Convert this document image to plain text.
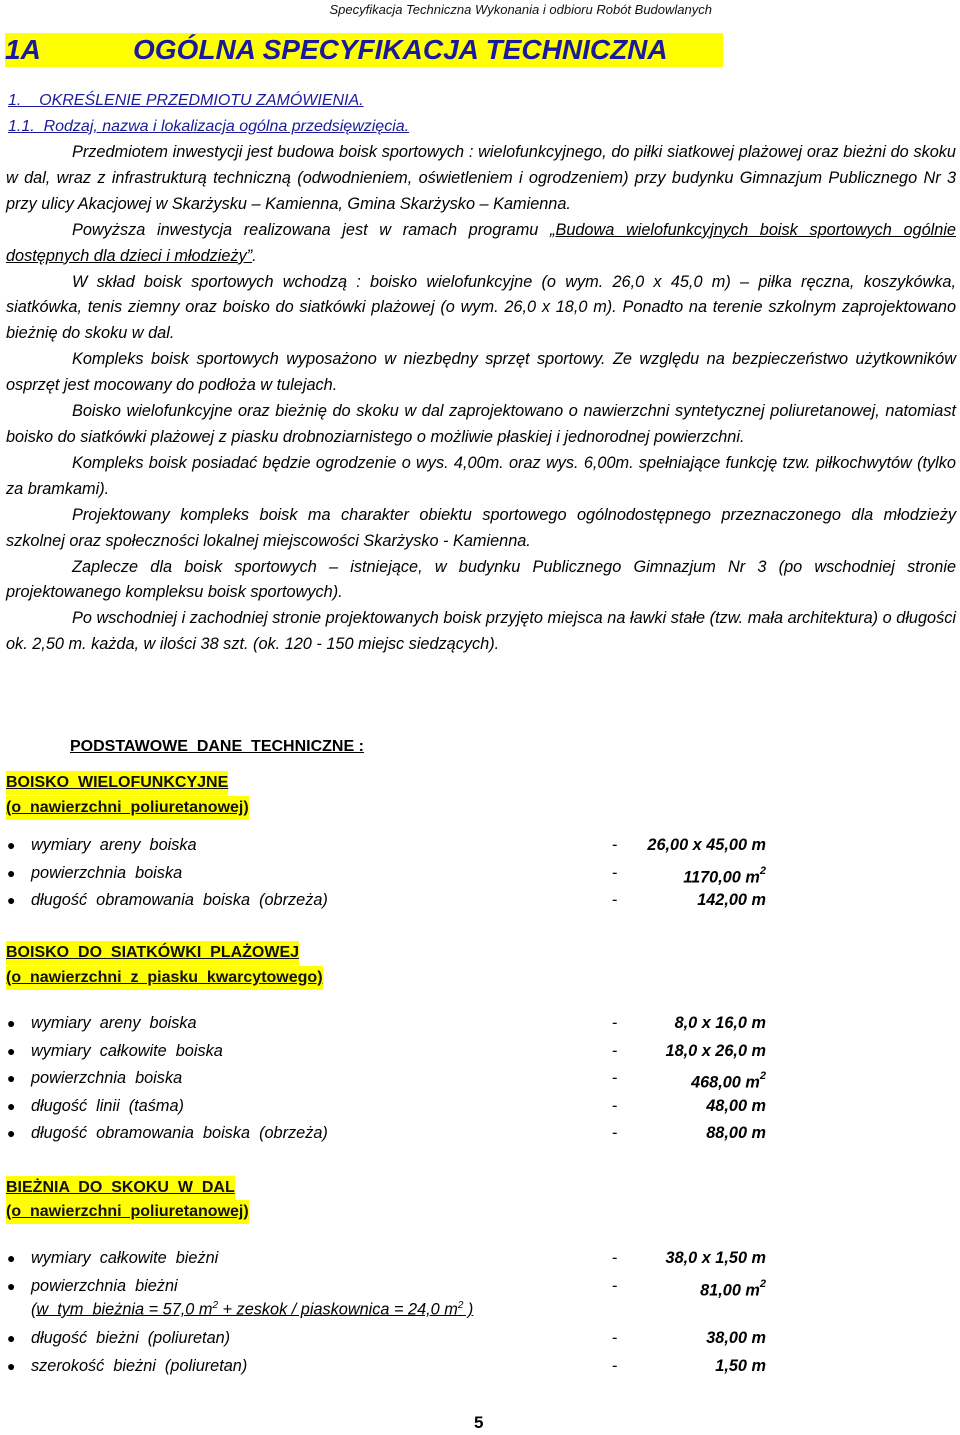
Specyfikacja Techniczna Wykonania i odbioru Robót Budowlanych
1A	OGÓLNA SPECYFIKACJA TECHNICZNA
1.    OKREŚLENIE PRZEDMIOTU ZAMÓWIENIA.
1.1.  Rodzaj, nazwa i lokalizacja ogólna przedsięwzięcia.

Przedmiotem inwestycji jest budowa boisk sportowych : wielofunkcyjnego, do piłki siatkowej plażowej oraz bieżni do skoku w dal, wraz z infrastrukturą techniczną (odwodnieniem, oświetleniem i ogrodzeniem) przy budynku Gimnazjum Publicznego Nr 3 przy ulicy Akacjowej w Skarżysku – Kamienna, Gmina Skarżysko – Kamienna.

Powyższa inwestycja realizowana jest w ramach programu „Budowa wielofunkcyjnych boisk sportowych ogólnie dostępnych dla dzieci i młodzieży”.

W skład boisk sportowych wchodzą : boisko wielofunkcyjne (o wym. 26,0 x 45,0 m) – piłka ręczna, koszykówka, siatkówka, tenis ziemny oraz boisko do siatkówki plażowej (o wym. 26,0 x 18,0 m). Ponadto na terenie szkolnym zaprojektowano bieżnię do skoku w dal.

Kompleks boisk sportowych wyposażono w niezbędny sprzęt sportowy. Ze względu na bezpieczeństwo użytkowników osprzęt jest mocowany do podłoża w tulejach.

Boisko wielofunkcyjne oraz bieżnię do skoku w dal zaprojektowano o nawierzchni syntetycznej poliuretanowej, natomiast boisko do siatkówki plażowej z piasku drobnoziarnistego o możliwie płaskiej i jednorodnej powierzchni.

Kompleks boisk posiadać będzie ogrodzenie o wys. 4,00m. oraz wys. 6,00m. spełniające funkcję tzw. piłkochwytów (tylko za bramkami).

Projektowany kompleks boisk ma charakter obiektu sportowego ogólnodostępnego przeznaczonego dla młodzieży szkolnej oraz społeczności lokalnej miejscowości Skarżysko - Kamienna.

Zaplecze dla boisk sportowych – istniejące, w budynku Publicznego Gimnazjum Nr 3 (po wschodniej stronie projektowanego kompleksu boisk sportowych).

Po wschodniej i zachodniej stronie projektowanych boisk przyjęto miejsca na ławki stałe (tzw. mała architektura) o długości ok. 2,50 m. każda, w ilości 38 szt. (ok. 120 - 150 miejsc siedzących).

PODSTAWOWE  DANE  TECHNICZNE :
BOISKO  WIELOFUNKCYJNE
(o  nawierzchni  poliuretanowej)
● wymiary  areny  boiska	- 26,00 x 45,00 m
● powierzchnia  boiska	-	1170,00 $m^2$
● długość  obramowania  boiska  (obrzeża)	-	142,00 m
BOISKO  DO  SIATKÓWKI  PLAŻOWEJ
(o  nawierzchni  z  piasku  kwarcytowego)
● wymiary  areny  boiska	-	8,0 x 16,0 m
● wymiary  całkowite  boiska	-	18,0 x 26,0 m
● powierzchnia  boiska	-	468,00 $m^2$
● długość  linii  (taśma)	-	48,00 m
● długość  obramowania  boiska  (obrzeża)	-	88,00 m
BIEŻNIA  DO  SKOKU  W  DAL
(o  nawierzchni  poliuretanowej)
● wymiary  całkowite  bieżni	-	38,0 x 1,50 m
● powierzchnia  bieżni	-	81,00 $m^2$
(w  tym  bieżnia = 57,0 $m^2$ + zeskok / piaskownica = 24,0 $m^2$ )
● długość  bieżni  (poliuretan)	-	38,00 m
● szerokość  bieżni  (poliuretan)	-	1,50 m
5
